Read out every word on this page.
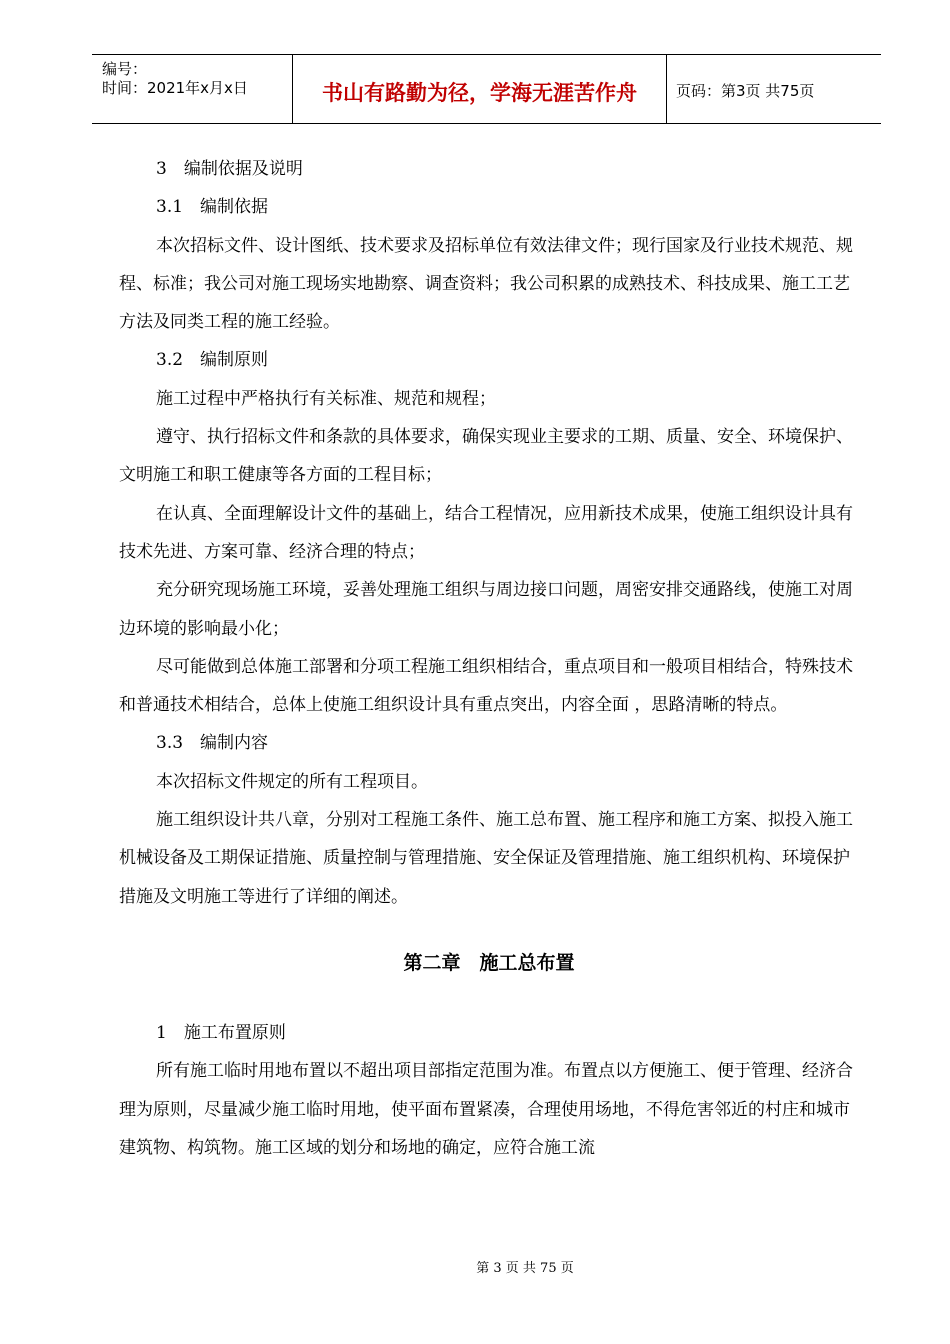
编号：
时间：2021年x月x日	书山有路勤为径，学海无涯苦作舟	页码：第3页 共75页

3　编制依据及说明

3.1　编制依据

本次招标文件、设计图纸、技术要求及招标单位有效法律文件；现行国家及行业技术规范、规程、标准；我公司对施工现场实地勘察、调查资料；我公司积累的成熟技术、科技成果、施工工艺方法及同类工程的施工经验。

3.2　编制原则

施工过程中严格执行有关标准、规范和规程；

遵守、执行招标文件和条款的具体要求，确保实现业主要求的工期、质量、安全、环境保护、文明施工和职工健康等各方面的工程目标；

在认真、全面理解设计文件的基础上，结合工程情况，应用新技术成果，使施工组织设计具有技术先进、方案可靠、经济合理的特点；

充分研究现场施工环境，妥善处理施工组织与周边接口问题，周密安排交通路线，使施工对周边环境的影响最小化；

尽可能做到总体施工部署和分项工程施工组织相结合，重点项目和一般项目相结合，特殊技术和普通技术相结合，总体上使施工组织设计具有重点突出，内容全面 ，思路清晰的特点。

3.3　编制内容

本次招标文件规定的所有工程项目。

施工组织设计共八章，分别对工程施工条件、施工总布置、施工程序和施工方案、拟投入施工机械设备及工期保证措施、质量控制与管理措施、安全保证及管理措施、施工组织机构、环境保护措施及文明施工等进行了详细的阐述。

第二章　施工总布置

1　施工布置原则

所有施工临时用地布置以不超出项目部指定范围为准。布置点以方便施工、便于管理、经济合理为原则，尽量减少施工临时用地，使平面布置紧凑，合理使用场地，不得危害邻近的村庄和城市建筑物、构筑物。施工区域的划分和场地的确定，应符合施工流

第 3 页 共 75 页
